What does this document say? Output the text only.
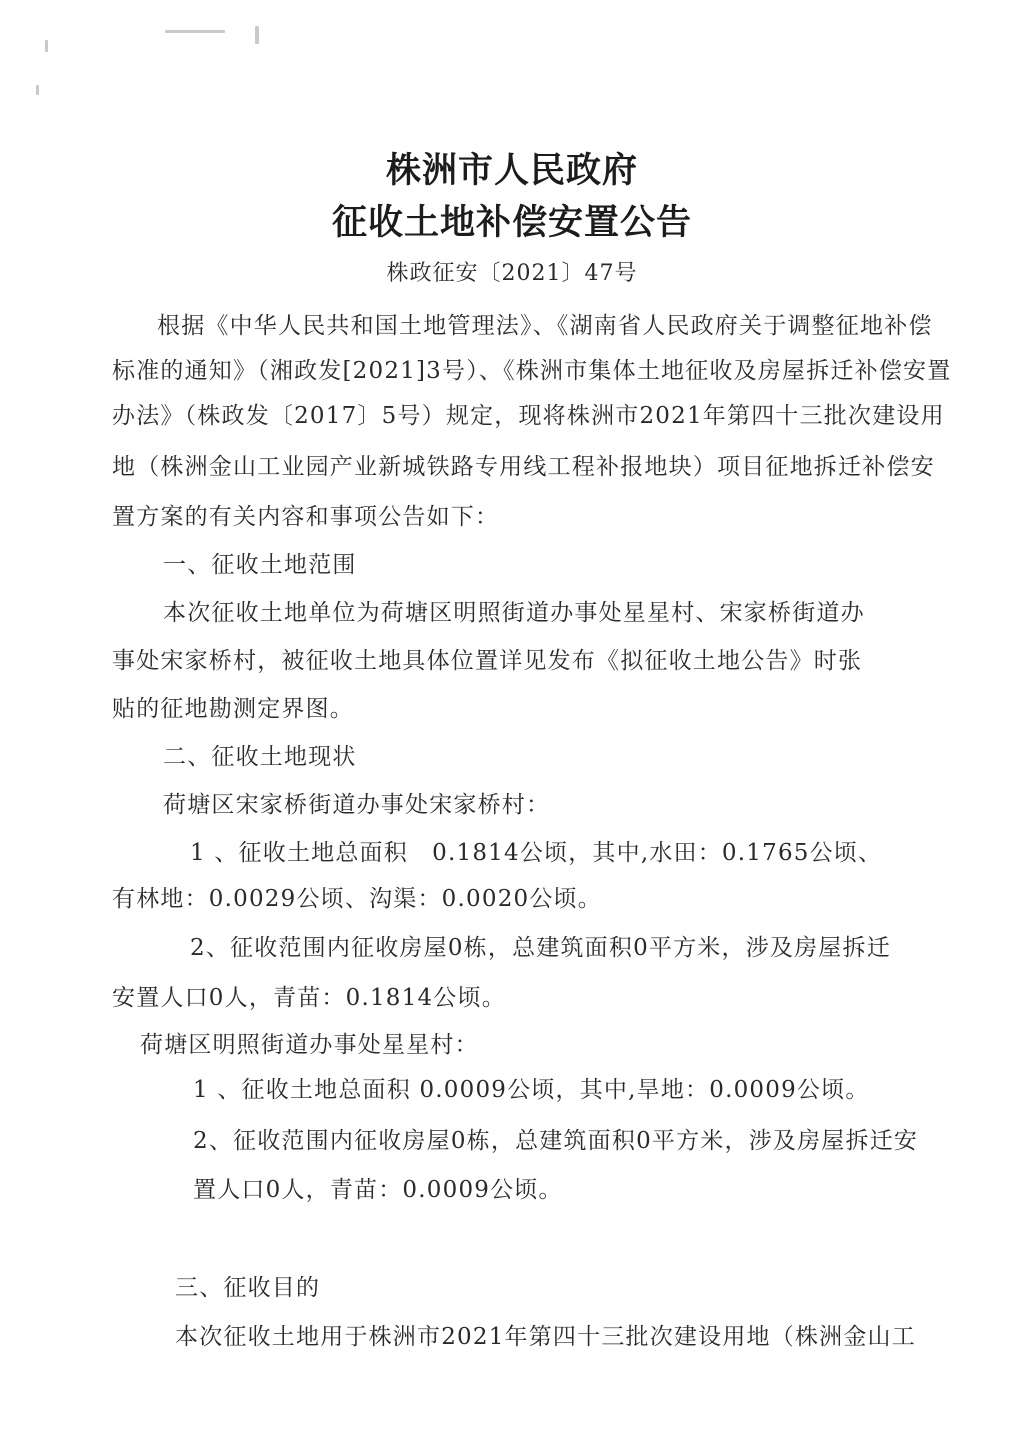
株洲市人民政府
征收土地补偿安置公告
株政征安〔2021〕47号
根据《中华人民共和国土地管理法》、《湖南省人民政府关于调整征地补偿
标准的通知》（湘政发[2021]3号）、《株洲市集体土地征收及房屋拆迁补偿安置
办法》（株政发〔2017〕5号）规定，现将株洲市2021年第四十三批次建设用
地（株洲金山工业园产业新城铁路专用线工程补报地块）项目征地拆迁补偿安
置方案的有关内容和事项公告如下：
一、征收土地范围
本次征收土地单位为荷塘区明照街道办事处星星村、宋家桥街道办
事处宋家桥村，被征收土地具体位置详见发布《拟征收土地公告》时张
贴的征地勘测定界图。
二、征收土地现状
荷塘区宋家桥街道办事处宋家桥村：
1 、征收土地总面积　0.1814公顷，其中,水田：0.1765公顷、
有林地：0.0029公顷、沟渠：0.0020公顷。
2、征收范围内征收房屋0栋，总建筑面积0平方米，涉及房屋拆迁
安置人口0人，青苗：0.1814公顷。
荷塘区明照街道办事处星星村：
1 、征收土地总面积 0.0009公顷，其中,旱地：0.0009公顷。
2、征收范围内征收房屋0栋，总建筑面积0平方米，涉及房屋拆迁安
置人口0人，青苗：0.0009公顷。
三、征收目的
本次征收土地用于株洲市2021年第四十三批次建设用地（株洲金山工
